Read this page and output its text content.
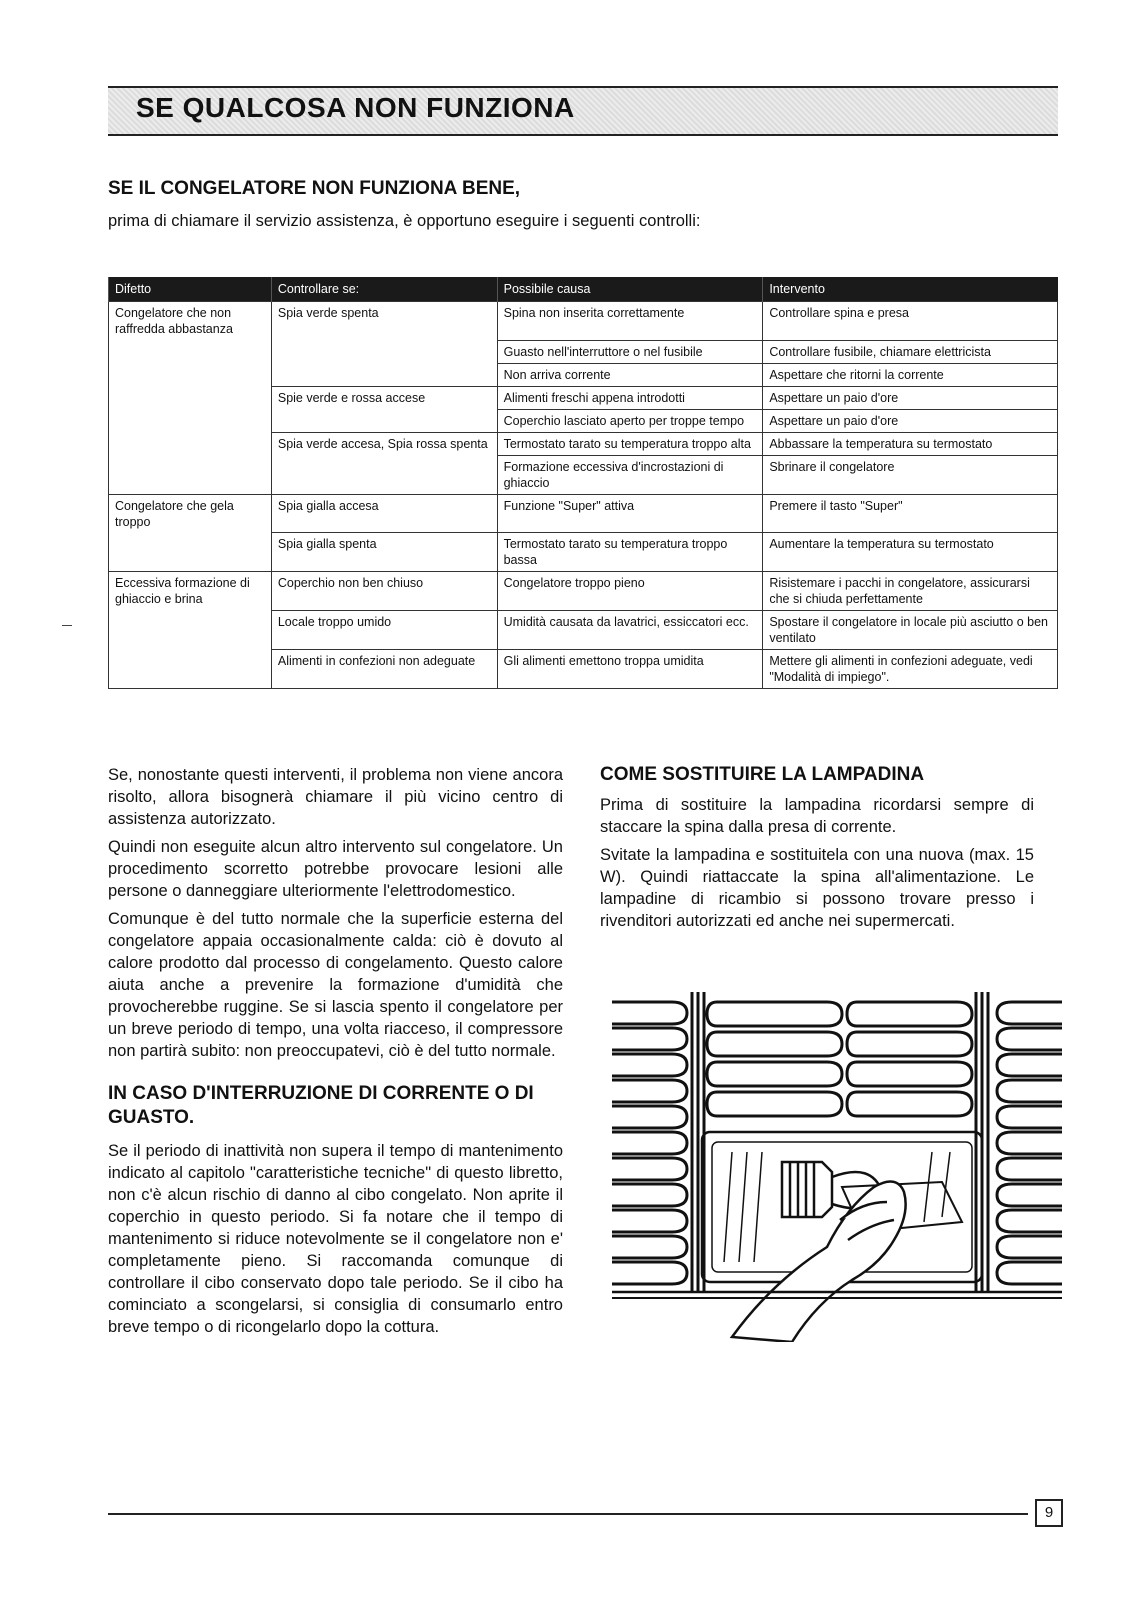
SE QUALCOSA NON FUNZIONA
SE IL CONGELATORE NON FUNZIONA BENE,
prima di chiamare il servizio assistenza, è opportuno eseguire i seguenti controlli:
Difetto	Controllare se:	Possibile causa	Intervento
Congelatore che non raffredda abbastanza	Spia verde spenta	Spina non inserita correttamente	Controllare spina e presa
		Guasto nell'interruttore o nel fusibile	Controllare fusibile, chiamare elettricista
		Non arriva corrente	Aspettare che ritorni la corrente
	Spie verde e rossa accese	Alimenti freschi appena introdotti	Aspettare un paio d'ore
		Coperchio lasciato aperto per troppe tempo	Aspettare un paio d'ore
	Spia verde accesa, Spia rossa spenta	Termostato tarato su temperatura troppo alta	Abbassare la temperatura su termostato
		Formazione eccessiva d'incrostazioni di ghiaccio	Sbrinare il congelatore
Congelatore che gela troppo	Spia gialla accesa	Funzione "Super" attiva	Premere il tasto "Super"
	Spia gialla spenta	Termostato tarato su temperatura troppo bassa	Aumentare la temperatura su termostato
Eccessiva formazione di ghiaccio e brina	Coperchio non ben chiuso	Congelatore troppo pieno	Risistemare i pacchi in congelatore, assicurarsi che si chiuda perfettamente
	Locale troppo umido	Umidità causata da lavatrici, essiccatori ecc.	Spostare il congelatore in locale più asciutto o ben ventilato
	Alimenti in confezioni non adeguate	Gli alimenti emettono troppa umidita	Mettere gli alimenti in confezioni adeguate, vedi "Modalità di impiego".

Se, nonostante questi interventi, il problema non viene ancora risolto, allora bisognerà chiamare il più vicino centro di assistenza autorizzato.

Quindi non eseguite alcun altro intervento sul congelatore. Un procedimento scorretto potrebbe provocare lesioni alle persone o danneggiare ulteriormente l'elettrodomestico.

Comunque è del tutto normale che la superficie esterna del congelatore appaia occasionalmente calda: ciò è dovuto al calore prodotto dal processo di congelamento. Questo calore aiuta anche a prevenire la formazione d'umidità che provocherebbe ruggine. Se si lascia spento il congelatore per un breve periodo di tempo, una volta riacceso, il compressore non partirà subito: non preoccupatevi, ciò è del tutto normale.

IN CASO D'INTERRUZIONE DI CORRENTE O DI GUASTO.

Se il periodo di inattività non supera il tempo di mantenimento indicato al capitolo "caratteristiche tecniche" di questo libretto, non c'è alcun rischio di danno al cibo congelato. Non aprite il coperchio in questo periodo. Si fa notare che il tempo di mantenimento si riduce notevolmente se il congelatore non e' completamente pieno. Si raccomanda comunque di controllare il cibo conservato dopo tale periodo. Se il cibo ha cominciato a scongelarsi, si consiglia di consumarlo entro breve tempo o di ricongelarlo dopo la cottura.

COME SOSTITUIRE LA LAMPADINA

Prima di sostituire la lampadina ricordarsi sempre di staccare la spina dalla presa di corrente.

Svitate la lampadina e sostituitela con una nuova (max. 15 W). Quindi riattaccate la spina all'alimentazione. Le lampadine di ricambio si possono trovare presso i rivenditori autorizzati ed anche nei supermercati.

9
